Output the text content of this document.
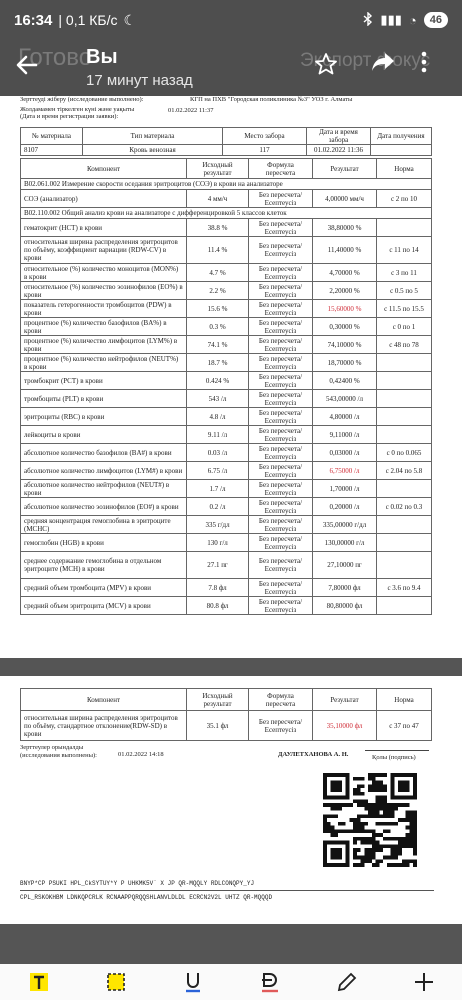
16:34 | 0,1 КБ/с ☾	▮▮▮ ◔	46
Вы
17 минут назад
Готово	Экспорт фокус
Зерттеуді жіберу (исследование выполнено):	КГП на ПХВ "Городская поликлиника №3" УОЗ г. Алматы
Жолдамамен тіркелген күні және уақыты
(Дата и время регистрации заявки):
01.02.2022 11:37
№ материала	Тип материала	Место забора	Дата и время забора	Дата получения
8107	Кровь венозная	117	01.02.2022 11:36	
Компонент	Исходный результат	Формула пересчета	Результат	Норма
B02.061.002 Измерение скорости оседания эритроцитов (СОЭ) в крови на анализаторе				
СОЭ (анализатор)	4 мм/ч	Без пересчета/ Есептеусіз	4,00000 мм/ч	с 2 по 10
B02.110.002 Общий анализ крови на анализаторе с дифференцировкой 5 классов клеток				
гематокрит (HCT) в крови	38.8 %	Без пересчета/ Есептеусіз	38,80000 %	
относительная ширина распределения эритроцитов по объёму, коэффициент вариации (RDW-CV) в крови	11.4 %	Без пересчета/ Есептеусіз	11,40000 %	с 11 по 14
относительное (%) количество моноцитов (MON%) в крови	4.7 %	Без пересчета/ Есептеусіз	4,70000 %	с 3 по 11
относительное (%) количество эозинофилов (EO%) в крови	2.2 %	Без пересчета/ Есептеусіз	2,20000 %	с 0.5 по 5
показатель гетерогенности тромбоцитов (PDW) в крови	15.6 %	Без пересчета/ Есептеусіз	15,60000 %	с 11.5 по 15.5
процентное (%) количество базофилов (BA%) в крови	0.3 %	Без пересчета/ Есептеусіз	0,30000 %	с 0 по 1
процентное (%) количество лимфоцитов (LYM%) в крови	74.1 %	Без пересчета/ Есептеусіз	74,10000 %	с 48 по 78
процентное (%) количество нейтрофилов (NEUT%) в крови	18.7 %	Без пересчета/ Есептеусіз	18,70000 %	
тромбокрит (PCT) в крови	0.424 %	Без пересчета/ Есептеусіз	0,42400 %	
тромбоциты (PLT) в крови	543 /л	Без пересчета/ Есептеусіз	543,00000 /л	
эритроциты (RBC) в крови	4.8 /л	Без пересчета/ Есептеусіз	4,80000 /л	
лейкоциты в крови	9.11 /л	Без пересчета/ Есептеусіз	9,11000 /л	
абсолютное количество базофилов (BA#) в крови	0.03 /л	Без пересчета/ Есептеусіз	0,03000 /л	с 0 по 0.065
абсолютное количество лимфоцитов (LYM#) в крови	6.75 /л	Без пересчета/ Есептеусіз	6,75000 /л	с 2.04 по 5.8
абсолютное количество нейтрофилов (NEUT#) в крови	1.7 /л	Без пересчета/ Есептеусіз	1,70000 /л	
абсолютное количество эозинофилов (EO#) в крови	0.2 /л	Без пересчета/ Есептеусіз	0,20000 /л	с 0.02 по 0.3
средняя концентрация гемоглобина в эритроците (MCHC)	335 г/дл	Без пересчета/ Есептеусіз	335,00000 г/дл	
гемоглобин (HGB) в крови	130 г/л	Без пересчета/ Есептеусіз	130,00000 г/л	
среднее содержание гемоглобина в отдельном эритроците (MCH) в крови	27.1 пг	Без пересчета/ Есептеусіз	27,10000 пг	
средний объем тромбоцита (MPV) в крови	7.8 фл	Без пересчета/ Есептеусіз	7,80000 фл	с 3.6 по 9.4
средний объем эритроцита (MCV) в крови	80.8 фл	Без пересчета/ Есептеусіз	80,80000 фл	
Компонент	Исходный результат	Формула пересчета	Результат	Норма
относительная ширина распределения эритроцитов по объёму, стандартное отклонение(RDW-SD) в крови	35.1 фл	Без пересчета/ Есептеусіз	35,10000 фл	с 37 по 47
Зерттеулер орындалды
(исследования выполнены):	01.02.2022 14:18	ДАУЛЕТХАНОВА А. Н.	Қолы (подпись)
BNYP*CP PSUKI HPL_CkSYTUY*Y P UHKMK5V` X JP QR-MQQLY RDLCONQPY_YJ
CPL_RSKOKHBM LDNKQPCRLK RCNAAPPQRQQSHLANVLDLDL ECRCN2V2L UHTZ QR-MQQQD
